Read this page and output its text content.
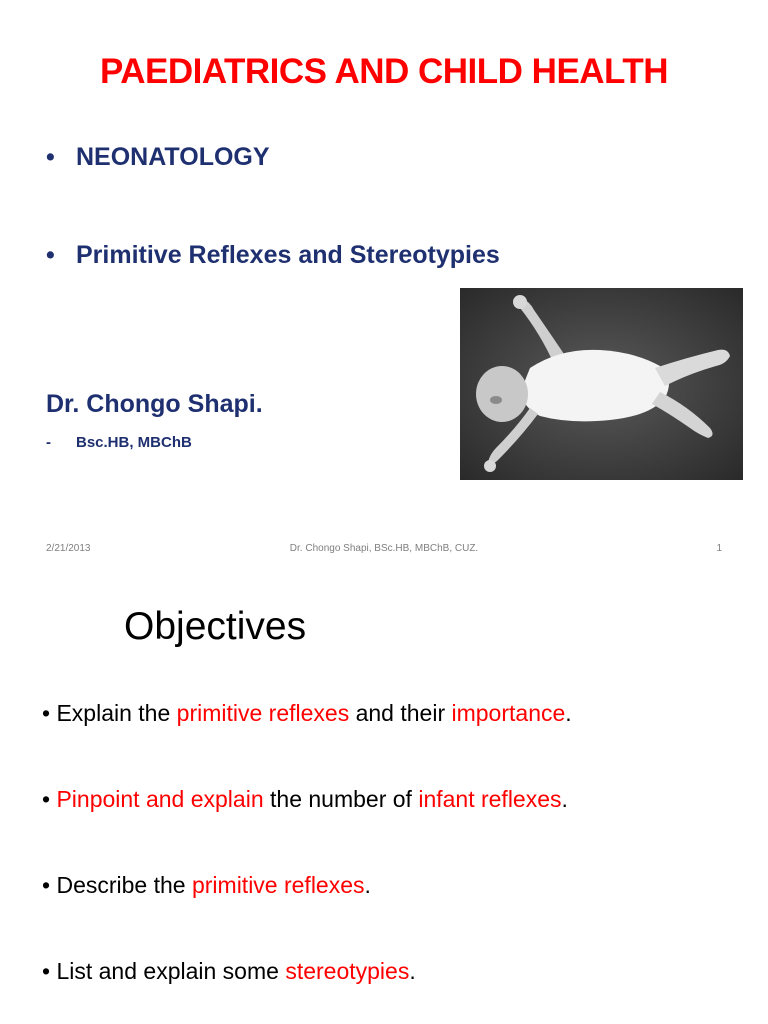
PAEDIATRICS AND CHILD HEALTH
• NEONATOLOGY
• Primitive Reflexes and Stereotypies
Dr. Chongo Shapi.
- Bsc.HB, MBChB
2/21/2013	Dr. Chongo Shapi, BSc.HB, MBChB, CUZ.	1
Objectives
• Explain the primitive reflexes and their importance.
• Pinpoint and explain the number of infant reflexes.
• Describe the primitive reflexes.
• List and explain some stereotypies.
